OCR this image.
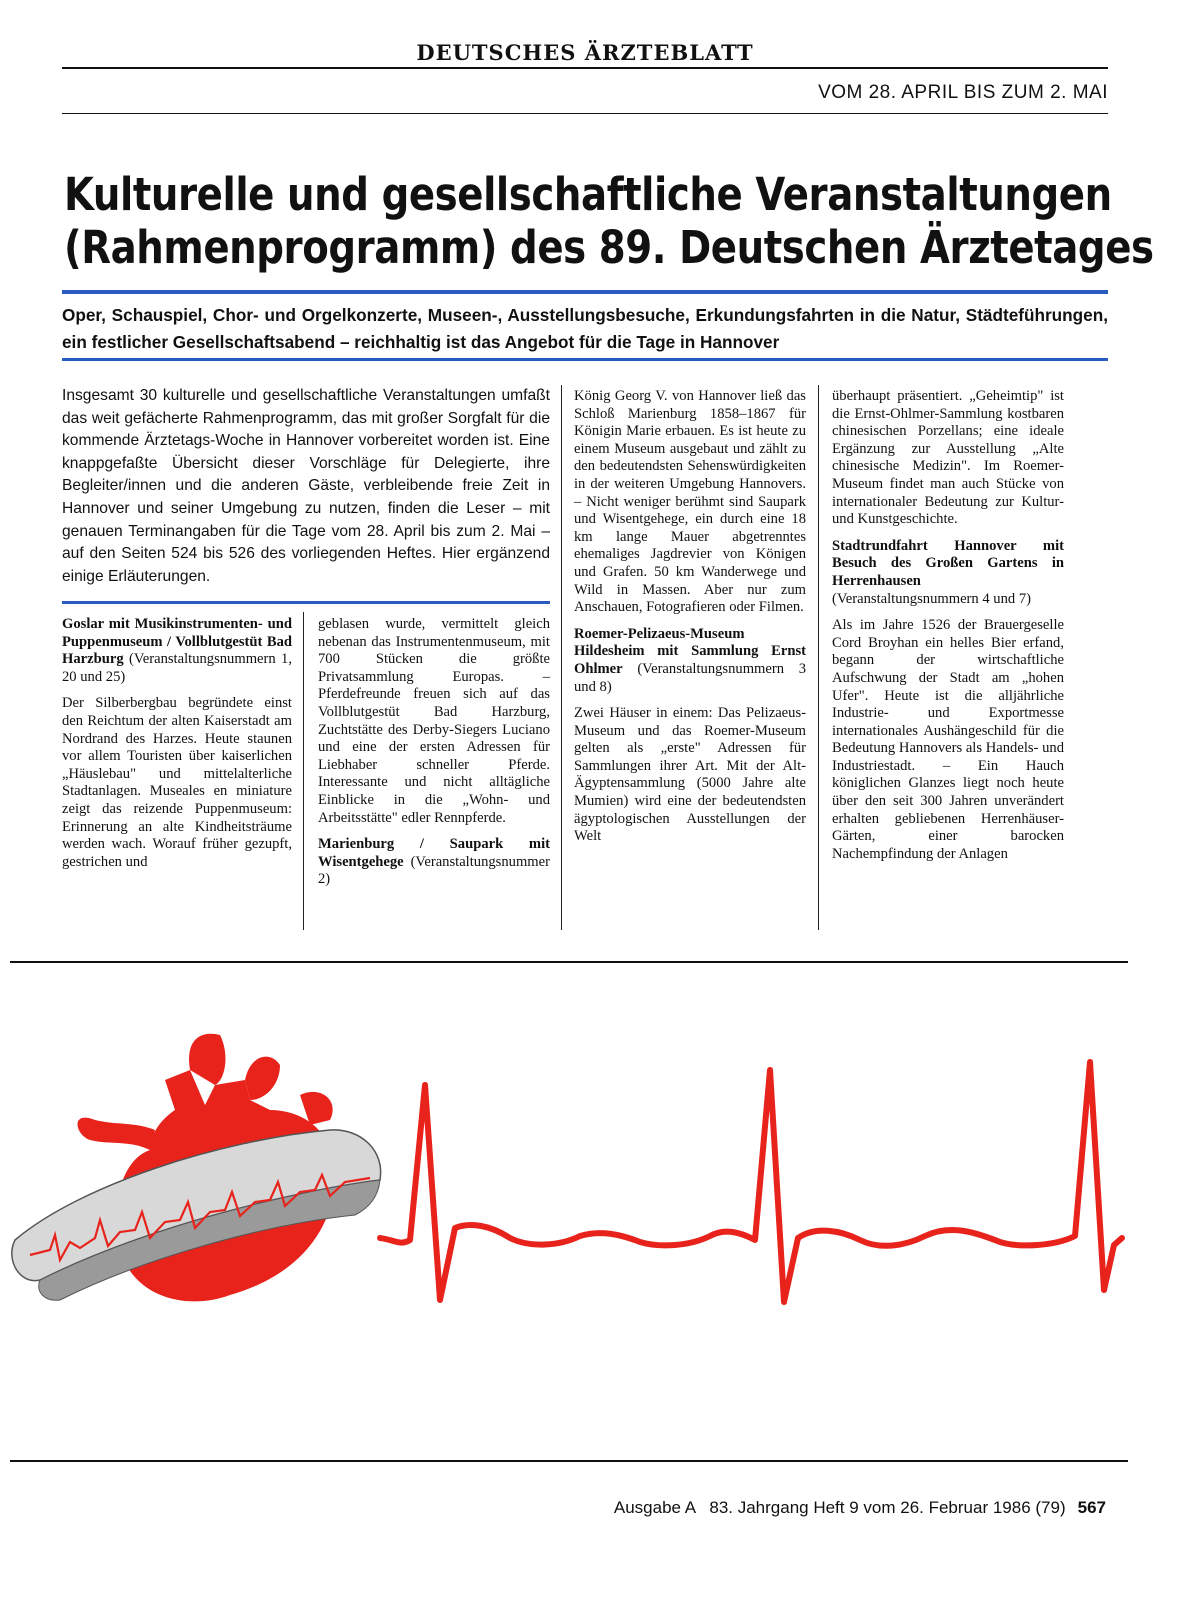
DEUTSCHES ÄRZTEBLATT
VOM 28. APRIL BIS ZUM 2. MAI
Kulturelle und gesellschaftliche Veranstaltungen
(Rahmenprogramm) des 89. Deutschen Ärztetages
Oper, Schauspiel, Chor- und Orgelkonzerte, Museen-, Ausstellungsbesuche, Erkundungsfahrten in die Natur, Städteführungen, ein festlicher Gesellschaftsabend – reichhaltig ist das Angebot für die Tage in Hannover
Insgesamt 30 kulturelle und gesellschaftliche Veranstaltungen umfaßt das weit gefächerte Rahmenprogramm, das mit großer Sorgfalt für die kommende Ärztetags-Woche in Hannover vorbereitet worden ist. Eine knappgefaßte Übersicht dieser Vorschläge für Delegierte, ihre Begleiter/innen und die anderen Gäste, verbleibende freie Zeit in Hannover und seiner Umgebung zu nutzen, finden die Leser – mit genauen Terminangaben für die Tage vom 28. April bis zum 2. Mai – auf den Seiten 524 bis 526 des vorliegenden Heftes. Hier ergänzend einige Erläuterungen.

Goslar mit Musikinstrumenten- und Puppenmuseum / Vollblutgestüt Bad Harzburg (Veranstaltungsnummern 1, 20 und 25)

Der Silberbergbau begründete einst den Reichtum der alten Kaiserstadt am Nordrand des Harzes. Heute staunen vor allem Touristen über kaiserlichen „Häuslebau" und mittelalterliche Stadtanlagen. Museales en miniature zeigt das reizende Puppenmuseum: Erinnerung an alte Kindheitsträume werden wach. Worauf früher gezupft, gestrichen und

geblasen wurde, vermittelt gleich nebenan das Instrumentenmuseum, mit 700 Stücken die größte Privatsammlung Europas. – Pferdefreunde freuen sich auf das Vollblutgestüt Bad Harzburg, Zuchtstätte des Derby-Siegers Luciano und eine der ersten Adressen für Liebhaber schneller Pferde. Interessante und nicht alltägliche Einblicke in die „Wohn- und Arbeitsstätte" edler Rennpferde.

Marienburg / Saupark mit Wisentgehege (Veranstaltungsnummer 2)

König Georg V. von Hannover ließ das Schloß Marienburg 1858–1867 für Königin Marie erbauen. Es ist heute zu einem Museum ausgebaut und zählt zu den bedeutendsten Sehenswürdigkeiten in der weiteren Umgebung Hannovers. – Nicht weniger berühmt sind Saupark und Wisentgehege, ein durch eine 18 km lange Mauer abgetrenntes ehemaliges Jagdrevier von Königen und Grafen. 50 km Wanderwege und Wild in Massen. Aber nur zum Anschauen, Fotografieren oder Filmen.

Roemer-Pelizaeus-Museum Hildesheim mit Sammlung Ernst Ohlmer (Veranstaltungsnummern 3 und 8)

Zwei Häuser in einem: Das Pelizaeus-Museum und das Roemer-Museum gelten als „erste" Adressen für Sammlungen ihrer Art. Mit der Alt-Ägyptensammlung (5000 Jahre alte Mumien) wird eine der bedeutendsten ägyptologischen Ausstellungen der Welt

überhaupt präsentiert. „Geheimtip" ist die Ernst-Ohlmer-Sammlung kostbaren chinesischen Porzellans; eine ideale Ergänzung zur Ausstellung „Alte chinesische Medizin". Im Roemer-Museum findet man auch Stücke von internationaler Bedeutung zur Kultur- und Kunstgeschichte.

Stadtrundfahrt Hannover mit Besuch des Großen Gartens in Herrenhausen (Veranstaltungsnummern 4 und 7)

Als im Jahre 1526 der Brauergeselle Cord Broyhan ein helles Bier erfand, begann der wirtschaftliche Aufschwung der Stadt am „hohen Ufer". Heute ist die alljährliche Industrie- und Exportmesse internationales Aushängeschild für die Bedeutung Hannovers als Handels- und Industriestadt. – Ein Hauch königlichen Glanzes liegt noch heute über den seit 300 Jahren unverändert erhalten gebliebenen Herrenhäuser-Gärten, einer barocken Nachempfindung der Anlagen

Ausgabe A   83. Jahrgang Heft 9 vom 26. Februar 1986 (79) 567
